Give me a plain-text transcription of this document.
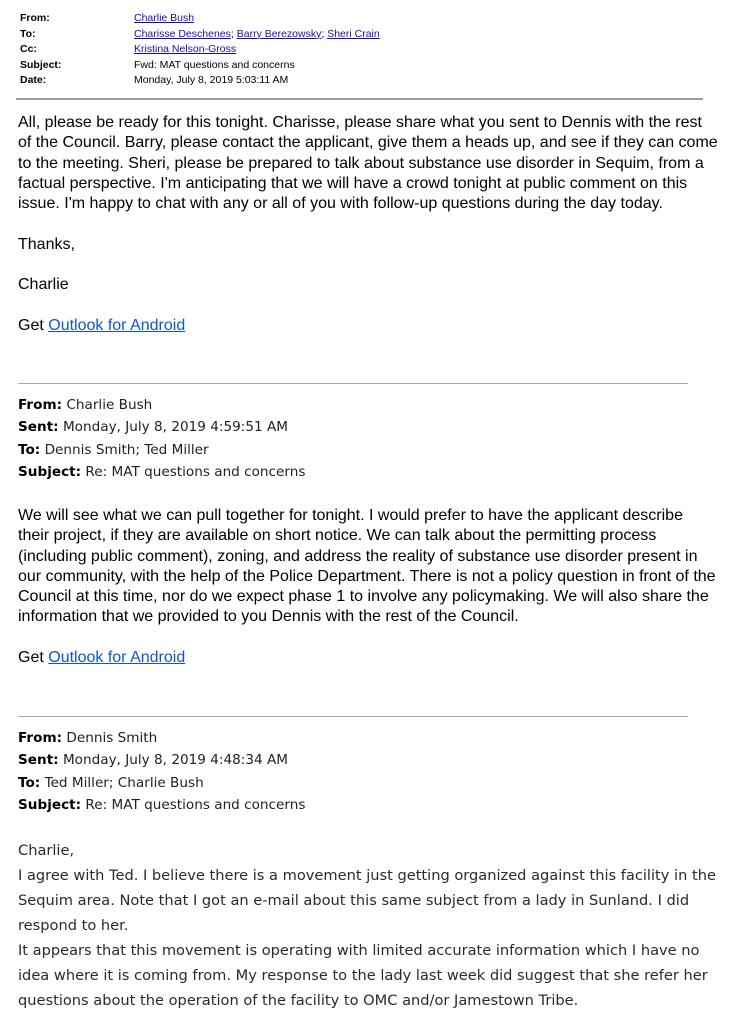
From:	Charlie Bush
To:	Charisse Deschenes; Barry Berezowsky; Sheri Crain
Cc:	Kristina Nelson-Gross
Subject:	Fwd: MAT questions and concerns
Date:	Monday, July 8, 2019 5:03:11 AM

All, please be ready for this tonight. Charisse, please share what you sent to Dennis with the rest of the Council. Barry, please contact the applicant, give them a heads up, and see if they can come to the meeting. Sheri, please be prepared to talk about substance use disorder in Sequim, from a factual perspective. I'm anticipating that we will have a crowd tonight at public comment on this issue. I'm happy to chat with any or all of you with follow-up questions during the day today.

Thanks,

Charlie

Get Outlook for Android

From: Charlie Bush
Sent: Monday, July 8, 2019 4:59:51 AM
To: Dennis Smith; Ted Miller
Subject: Re: MAT questions and concerns

We will see what we can pull together for tonight. I would prefer to have the applicant describe their project, if they are available on short notice. We can talk about the permitting process (including public comment), zoning, and address the reality of substance use disorder present in our community, with the help of the Police Department. There is not a policy question in front of the Council at this time, nor do we expect phase 1 to involve any policymaking. We will also share the information that we provided to you Dennis with the rest of the Council.

Get Outlook for Android

From: Dennis Smith
Sent: Monday, July 8, 2019 4:48:34 AM
To: Ted Miller; Charlie Bush
Subject: Re: MAT questions and concerns

Charlie,

I agree with Ted. I believe there is a movement just getting organized against this facility in the Sequim area. Note that I got an e-mail about this same subject from a lady in Sunland. I did respond to her.

It appears that this movement is operating with limited accurate information which I have no idea where it is coming from. My response to the lady last week did suggest that she refer her questions about the operation of the facility to OMC and/or Jamestown Tribe.
